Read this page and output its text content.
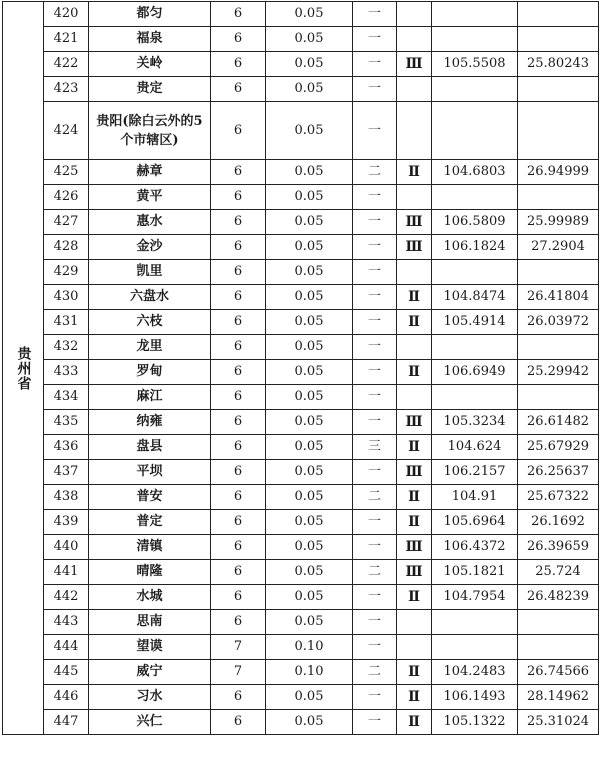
贵州省	420	都匀	6	0.05	一			
	421	福泉	6	0.05	一			
	422	关岭	6	0.05	一	Ⅲ	105.5508	25.80243
	423	贵定	6	0.05	一			
	424	贵阳(除白云外的5个市辖区)	6	0.05	一			
	425	赫章	6	0.05	二	Ⅱ	104.6803	26.94999
	426	黄平	6	0.05	一			
	427	惠水	6	0.05	一	Ⅲ	106.5809	25.99989
	428	金沙	6	0.05	一	Ⅲ	106.1824	27.2904
	429	凯里	6	0.05	一			
	430	六盘水	6	0.05	一	Ⅱ	104.8474	26.41804
	431	六枝	6	0.05	一	Ⅱ	105.4914	26.03972
	432	龙里	6	0.05	一			
	433	罗甸	6	0.05	一	Ⅱ	106.6949	25.29942
	434	麻江	6	0.05	一			
	435	纳雍	6	0.05	一	Ⅲ	105.3234	26.61482
	436	盘县	6	0.05	三	Ⅱ	104.624	25.67929
	437	平坝	6	0.05	一	Ⅲ	106.2157	26.25637
	438	普安	6	0.05	二	Ⅱ	104.91	25.67322
	439	普定	6	0.05	一	Ⅱ	105.6964	26.1692
	440	清镇	6	0.05	一	Ⅲ	106.4372	26.39659
	441	晴隆	6	0.05	二	Ⅲ	105.1821	25.724
	442	水城	6	0.05	一	Ⅱ	104.7954	26.48239
	443	思南	6	0.05	一			
	444	望谟	7	0.10	一			
	445	威宁	7	0.10	二	Ⅱ	104.2483	26.74566
	446	习水	6	0.05	一	Ⅱ	106.1493	28.14962
	447	兴仁	6	0.05	一	Ⅱ	105.1322	25.31024
